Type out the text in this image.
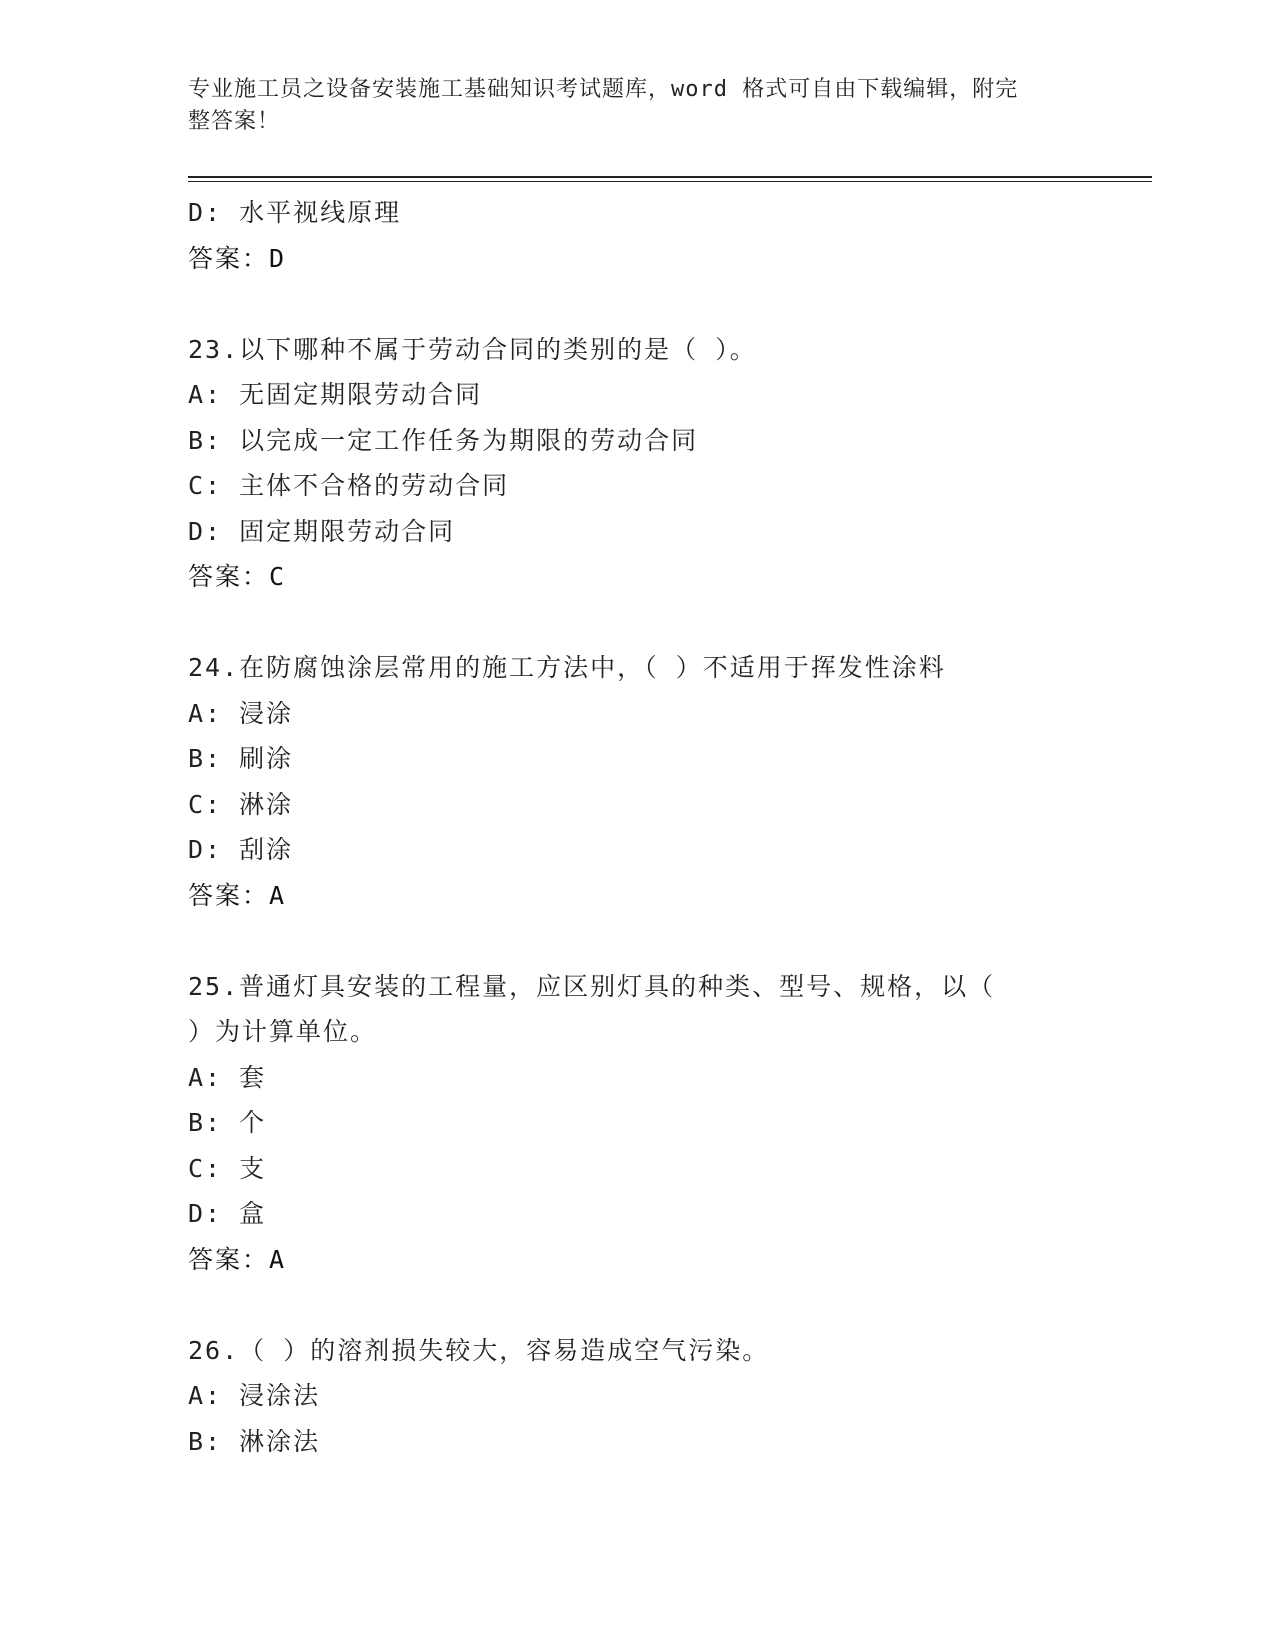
专业施工员之设备安装施工基础知识考试题库，word 格式可自由下载编辑，附完
整答案！
D: 水平视线原理
答案：D
23.以下哪种不属于劳动合同的类别的是（ ）。
A: 无固定期限劳动合同
B: 以完成一定工作任务为期限的劳动合同
C: 主体不合格的劳动合同
D: 固定期限劳动合同
答案：C
24.在防腐蚀涂层常用的施工方法中，（ ）不适用于挥发性涂料
A: 浸涂
B: 刷涂
C: 淋涂
D: 刮涂
答案：A
25.普通灯具安装的工程量，应区别灯具的种类、型号、规格，以（
）为计算单位。
A: 套
B: 个
C: 支
D: 盒
答案：A
26.（ ）的溶剂损失较大，容易造成空气污染。
A: 浸涂法
B: 淋涂法
